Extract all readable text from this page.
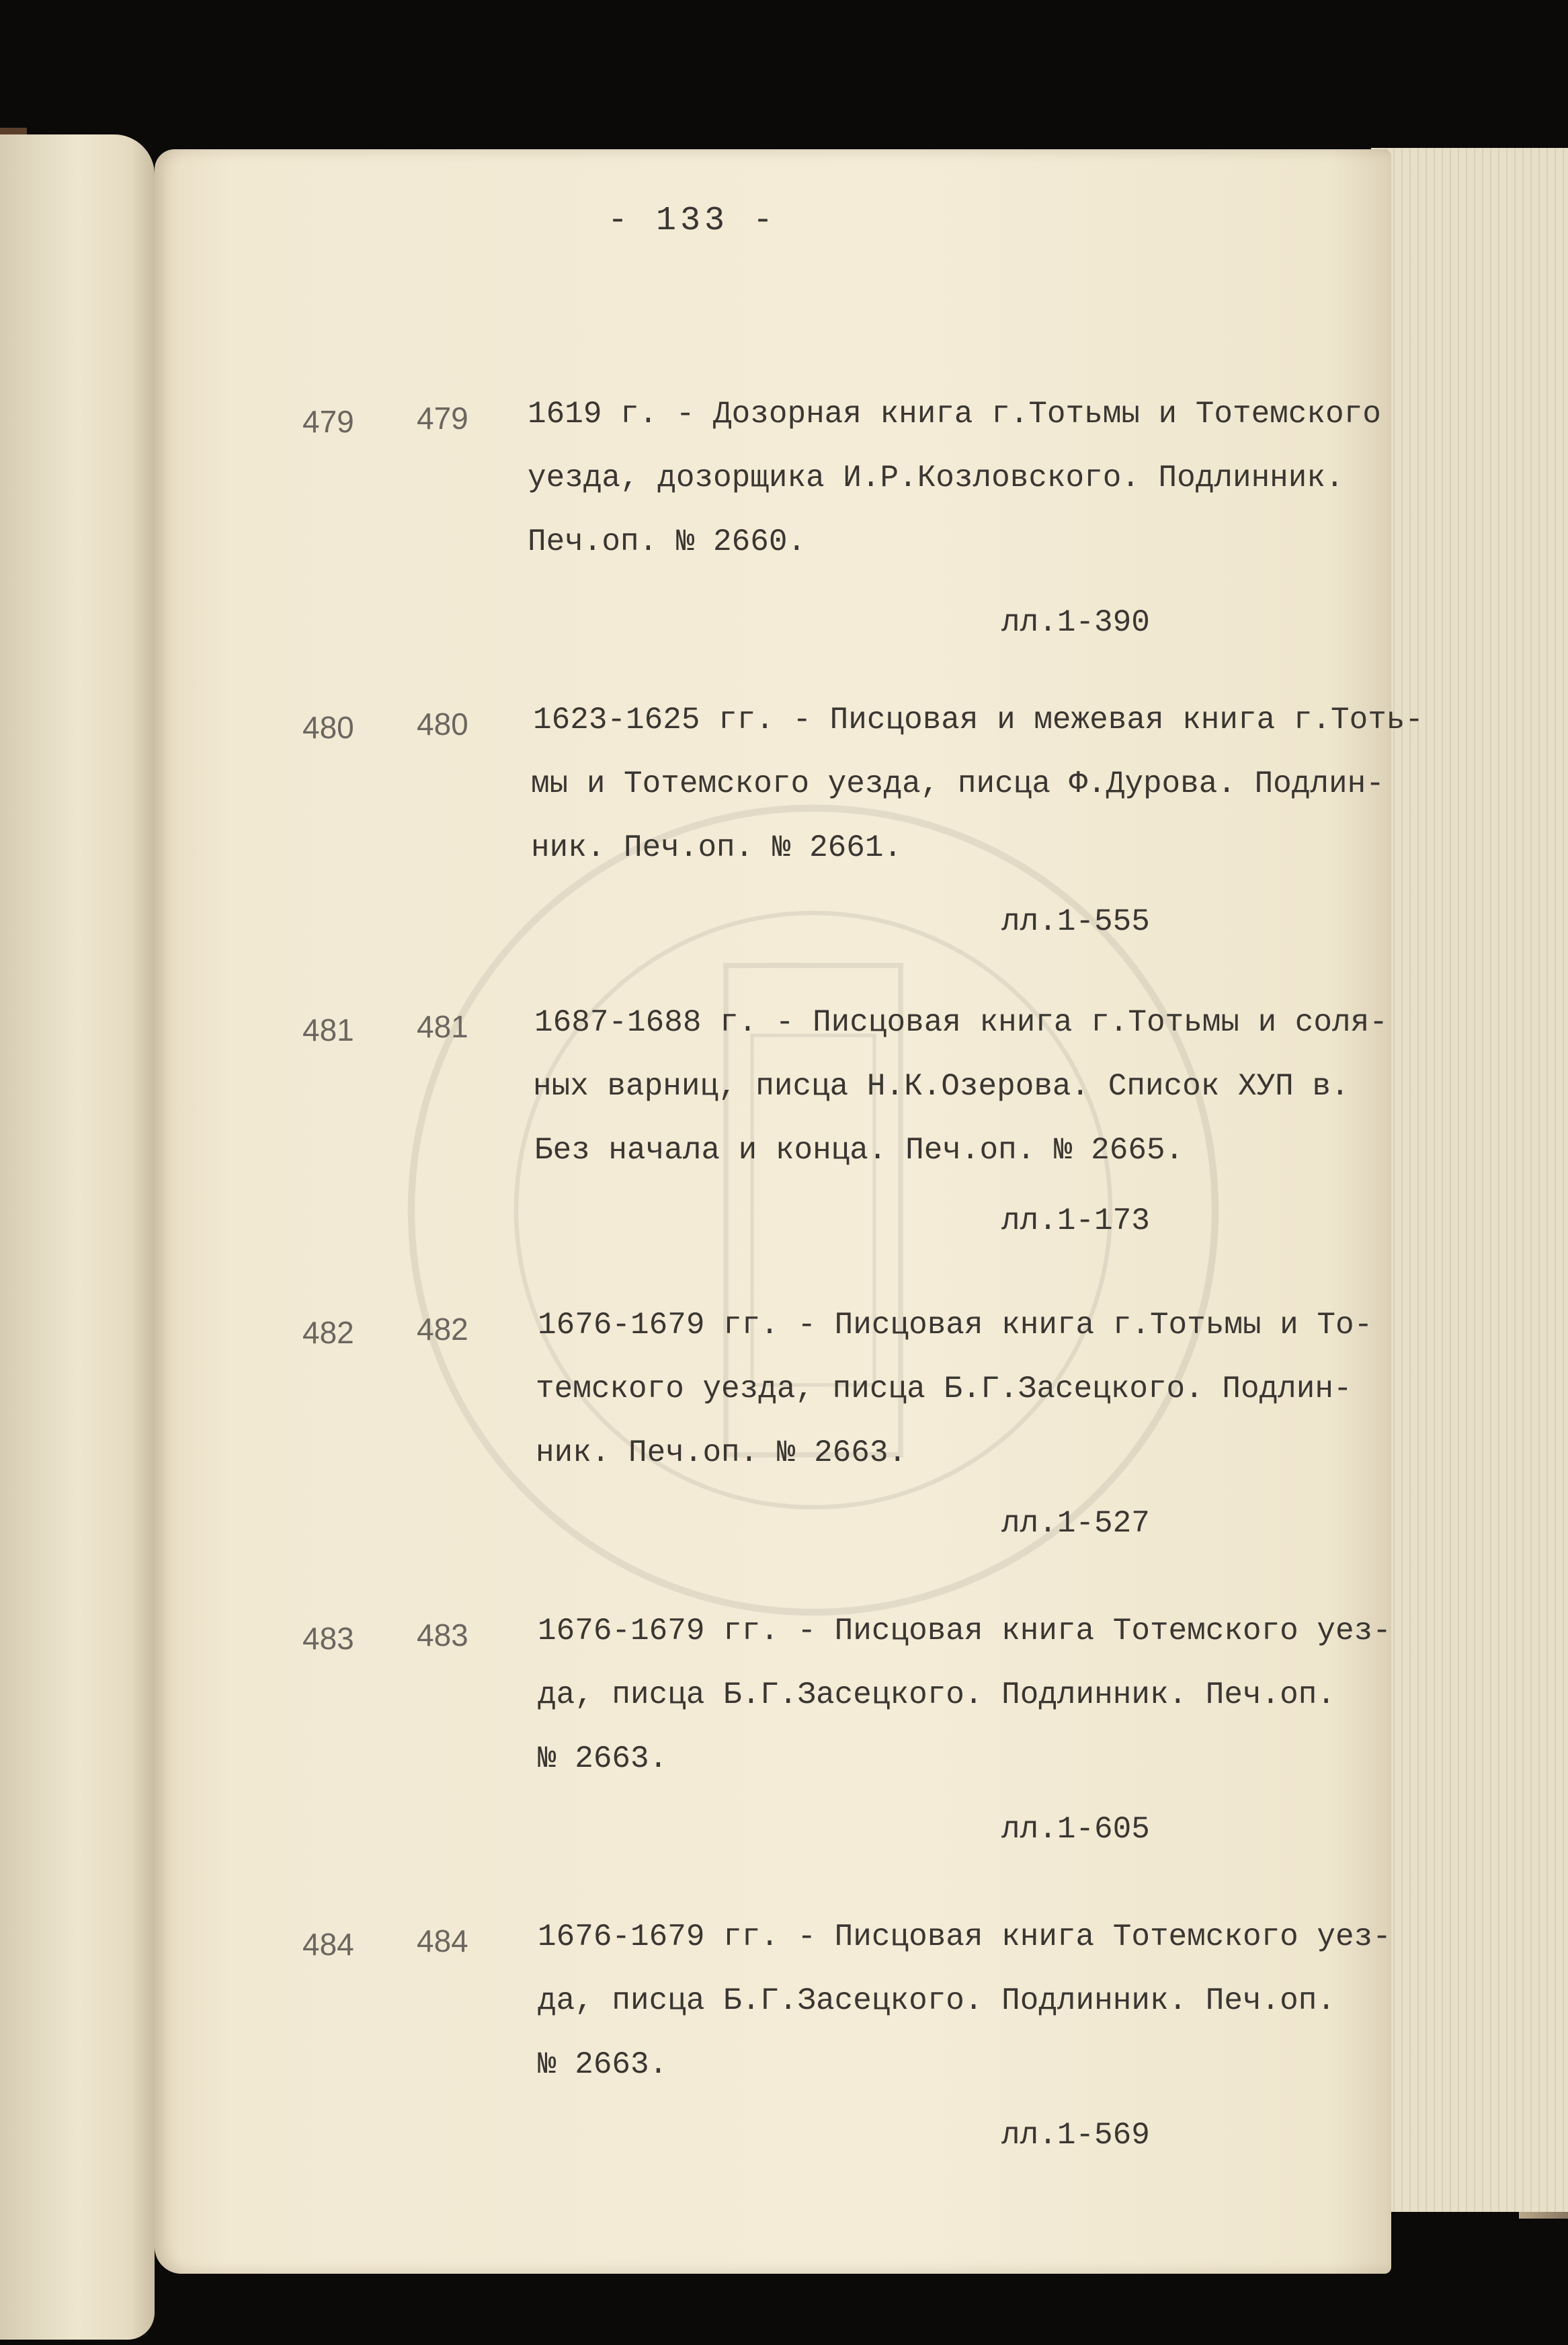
- 133 -
479 479 1619 г. - Дозорная книга г.Тотьмы и Тотемского
уезда, дозорщика И.Р.Козловского. Подлинник.
Печ.оп. № 2660.
лл.1-390
480 480 1623-1625 гг. - Писцовая и межевая книга г.Тоть-
мы и Тотемского уезда, писца Ф.Дурова. Подлин-
ник. Печ.оп. № 2661.
лл.1-555
481 481 1687-1688 г. - Писцовая книга г.Тотьмы и соля-
ных варниц, писца Н.К.Озерова. Список ХУП в.
Без начала и конца. Печ.оп. № 2665.
лл.1-173
482 482 1676-1679 гг. - Писцовая книга г.Тотьмы и То-
темского уезда, писца Б.Г.Засецкого. Подлин-
ник. Печ.оп. № 2663.
лл.1-527
483 483 1676-1679 гг. - Писцовая книга Тотемского уез-
да, писца Б.Г.Засецкого. Подлинник. Печ.оп.
№ 2663.
лл.1-605
484 484 1676-1679 гг. - Писцовая книга Тотемского уез-
да, писца Б.Г.Засецкого. Подлинник. Печ.оп.
№ 2663.
лл.1-569
